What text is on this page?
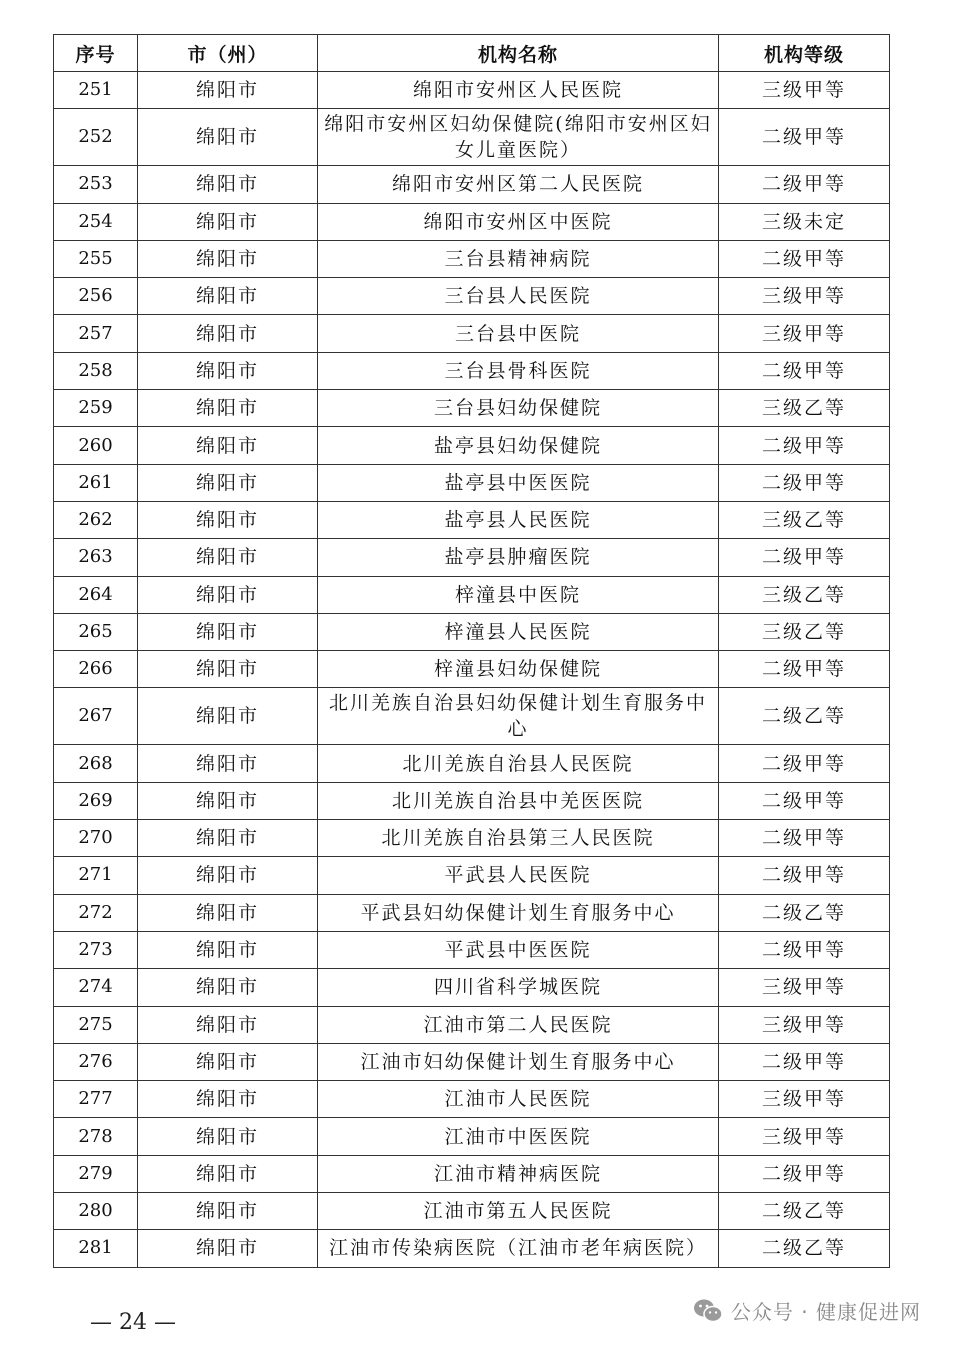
序号	市（州）	机构名称	机构等级
251	绵阳市	绵阳市安州区人民医院	三级甲等
252	绵阳市	绵阳市安州区妇幼保健院(绵阳市安州区妇女儿童医院）	二级甲等
253	绵阳市	绵阳市安州区第二人民医院	二级甲等
254	绵阳市	绵阳市安州区中医院	三级未定
255	绵阳市	三台县精神病院	二级甲等
256	绵阳市	三台县人民医院	三级甲等
257	绵阳市	三台县中医院	三级甲等
258	绵阳市	三台县骨科医院	二级甲等
259	绵阳市	三台县妇幼保健院	三级乙等
260	绵阳市	盐亭县妇幼保健院	二级甲等
261	绵阳市	盐亭县中医医院	二级甲等
262	绵阳市	盐亭县人民医院	三级乙等
263	绵阳市	盐亭县肿瘤医院	二级甲等
264	绵阳市	梓潼县中医院	三级乙等
265	绵阳市	梓潼县人民医院	三级乙等
266	绵阳市	梓潼县妇幼保健院	二级甲等
267	绵阳市	北川羌族自治县妇幼保健计划生育服务中心	二级乙等
268	绵阳市	北川羌族自治县人民医院	二级甲等
269	绵阳市	北川羌族自治县中羌医医院	二级甲等
270	绵阳市	北川羌族自治县第三人民医院	二级甲等
271	绵阳市	平武县人民医院	二级甲等
272	绵阳市	平武县妇幼保健计划生育服务中心	二级乙等
273	绵阳市	平武县中医医院	二级甲等
274	绵阳市	四川省科学城医院	三级甲等
275	绵阳市	江油市第二人民医院	三级甲等
276	绵阳市	江油市妇幼保健计划生育服务中心	二级甲等
277	绵阳市	江油市人民医院	三级甲等
278	绵阳市	江油市中医医院	三级甲等
279	绵阳市	江油市精神病医院	二级甲等
280	绵阳市	江油市第五人民医院	二级乙等
281	绵阳市	江油市传染病医院（江油市老年病医院）	二级乙等
— 24 —	公众号 · 健康促进网
